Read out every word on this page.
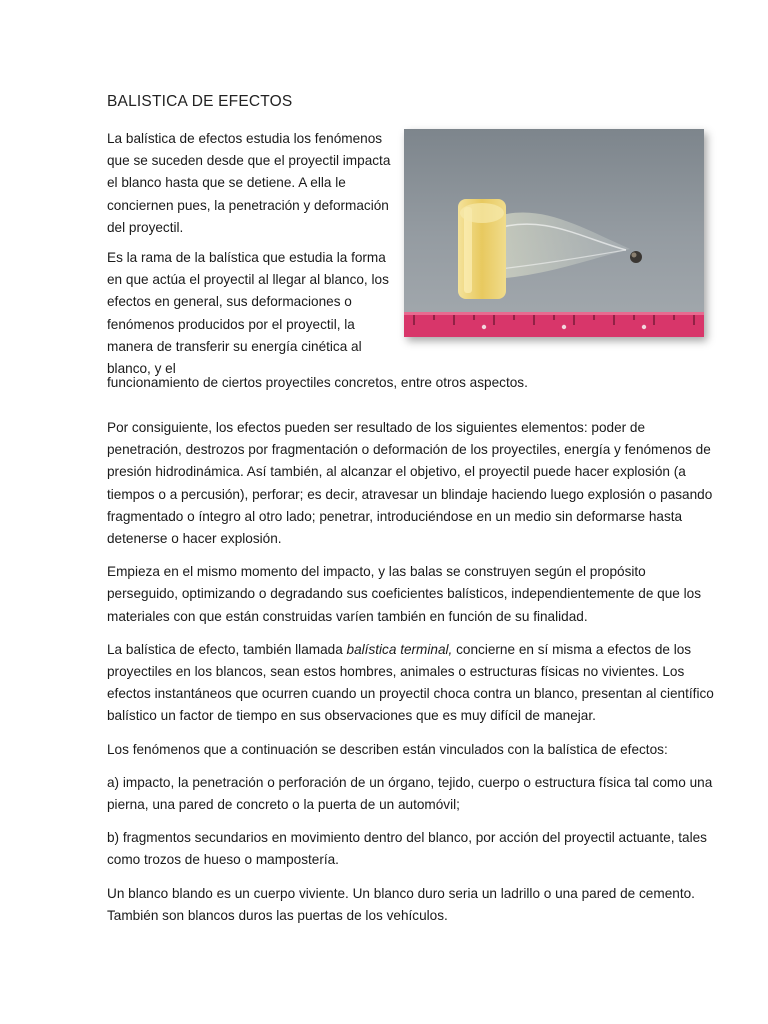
BALISTICA DE EFECTOS

La balística de efectos estudia los fenómenos que se suceden desde que el proyectil impacta el blanco hasta que se detiene. A ella le conciernen pues, la penetración y deformación del proyectil.

Es la rama de la balística que estudia la forma en que actúa el proyectil al llegar al blanco, los efectos en general, sus deformaciones o fenómenos producidos por el proyectil, la manera de transferir su energía cinética al blanco, y el

funcionamiento de ciertos proyectiles concretos, entre otros aspectos.

Por consiguiente, los efectos pueden ser resultado de los siguientes elementos: poder de penetración, destrozos por fragmentación o deformación de los proyectiles, energía y fenómenos de presión hidrodinámica. Así también, al alcanzar el objetivo, el proyectil puede hacer explosión (a tiempos o a percusión), perforar; es decir, atravesar un blindaje haciendo luego explosión o pasando fragmentado o íntegro al otro lado; penetrar, introduciéndose en un medio sin deformarse hasta detenerse o hacer explosión.

Empieza en el mismo momento del impacto, y las balas se construyen según el propósito perseguido, optimizando o degradando sus coeficientes balísticos, independientemente de que los materiales con que están construidas varíen también en función de su finalidad.

La balística de efecto, también llamada balística terminal, concierne en sí misma a efectos de los proyectiles en los blancos, sean estos hombres, animales o estructuras físicas no vivientes. Los efectos instantáneos que ocurren cuando un proyectil choca contra un blanco, presentan al científico balístico un factor de tiempo en sus observaciones que es muy difícil de manejar.

Los fenómenos que a continuación se describen están vinculados con la balística de efectos:

a) impacto, la penetración o perforación de un órgano, tejido, cuerpo o estructura física tal como una pierna, una pared de concreto o la puerta de un automóvil;

b) fragmentos secundarios en movimiento dentro del blanco, por acción del proyectil actuante, tales como trozos de hueso o mampostería.

Un blanco blando es un cuerpo viviente. Un blanco duro seria un ladrillo o una pared de cemento. También son blancos duros las puertas de los vehículos.
